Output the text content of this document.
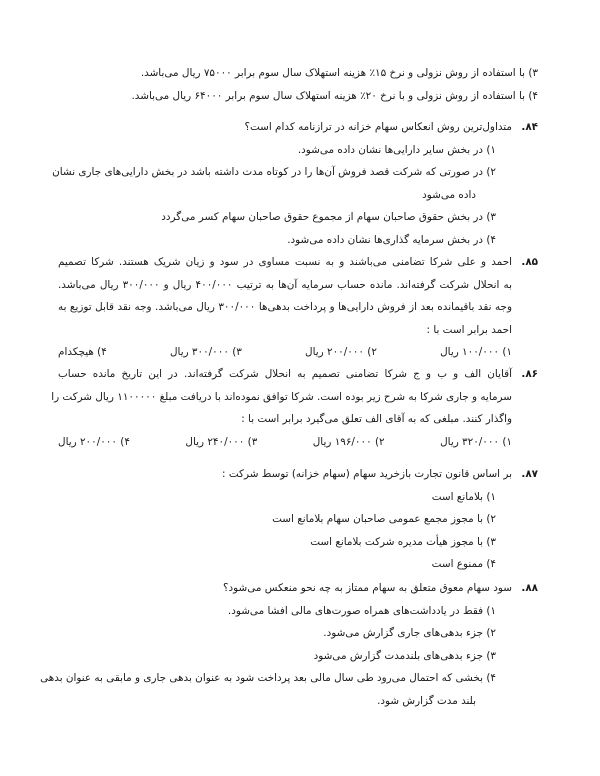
۳) با استفاده از روش نزولی و نرخ ۱۵٪ هزینه استهلاک سال سوم برابر ۷۵۰۰۰ ریال می‌باشد.
۴) با استفاده از روش نزولی و با نرخ ۲۰٪ هزینه استهلاک سال سوم برابر ۶۴۰۰۰ ریال می‌باشد.
۸۴.
متداول‌ترین روش انعکاس سهام خزانه در ترازنامه کدام است؟
۱) در بخش سایر دارایی‌ها نشان داده می‌شود.
۲) در صورتی که شرکت قصد فروش آن‌ها را در کوتاه مدت داشته باشد در بخش دارایی‌های جاری نشان
داده می‌شود
۳) در بخش حقوق صاحبان سهام از مجموع حقوق صاحبان سهام کسر می‌گردد
۴) در بخش سرمایه گذاری‌ها نشان داده می‌شود.
۸۵.
احمد و علی شرکا تضامنی می‌باشند و به نسبت مساوی در سود و زیان شریک هستند. شرکا تصمیم
به انحلال شرکت گرفته‌اند. مانده حساب سرمایه آن‌ها به ترتیب ۴۰۰/۰۰۰ ریال و ۳۰۰/۰۰۰ ریال می‌باشد.
وجه نقد باقیمانده بعد از فروش دارایی‌ها و پرداخت بدهی‌ها ۳۰۰/۰۰۰ ریال می‌باشد. وجه نقد قابل توزیع به
احمد برابر است با :
۱) ۱۰۰/۰۰۰ ریال
۲) ۲۰۰/۰۰۰ ریال
۳) ۳۰۰/۰۰۰ ریال
۴) هیچکدام
۸۶.
آقایان الف و ب و ج شرکا تضامنی تصمیم به انحلال شرکت گرفته‌اند. در این تاریخ مانده حساب
سرمایه و جاری شرکا به شرح زیر بوده است. شرکا توافق نموده‌اند با دریافت مبلغ ۱۱۰۰۰۰۰ ریال شرکت را
واگذار کنند. مبلغی که به آقای الف تعلق می‌گیرد برابر است با :
۱) ۳۲۰/۰۰۰ ریال
۲) ۱۹۶/۰۰۰ ریال
۳) ۲۴۰/۰۰۰ ریال
۴) ۲۰۰/۰۰۰ ریال
۸۷.
بر اساس قانون تجارت بازخرید سهام (سهام خزانه) توسط شرکت :
۱) بلامانع است
۲) با مجوز مجمع عمومی صاحبان سهام بلامانع است
۳) با مجوز هیأت مدیره شرکت بلامانع است
۴) ممنوع است
۸۸.
سود سهام معوق متعلق به سهام ممتاز به چه نحو منعکس می‌شود؟
۱) فقط در یادداشت‌های همراه صورت‌های مالی افشا می‌شود.
۲) جزء بدهی‌های جاری گزارش می‌شود.
۳) جزء بدهی‌های بلندمدت گزارش می‌شود
۴) بخشی که احتمال می‌رود طی سال مالی بعد پرداخت شود به عنوان بدهی جاری و مابقی به عنوان بدهی
بلند مدت گزارش شود.
